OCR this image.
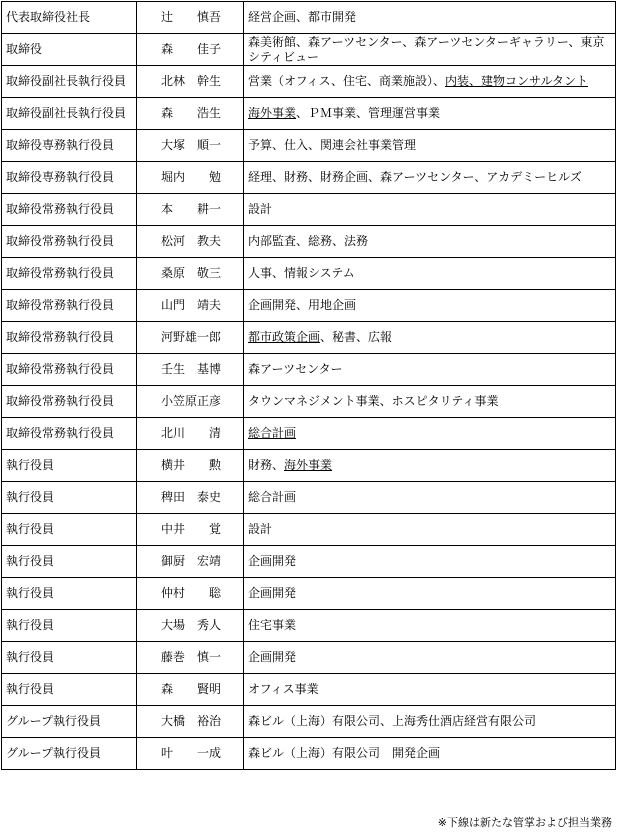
代表取締役社長	辻　　慎吾	経営企画、都市開発
取締役	森　　佳子	森美術館、森アーツセンター、森アーツセンターギャラリー、東京シティビュー
取締役副社長執行役員	北林　幹生	営業（オフィス、住宅、商業施設）、内装、建物コンサルタント
取締役副社長執行役員	森　　浩生	海外事業、ＰＭ事業、管理運営事業
取締役専務執行役員	大塚　順一	予算、仕入、関連会社事業管理
取締役専務執行役員	堀内　　勉	経理、財務、財務企画、森アーツセンター、アカデミーヒルズ
取締役常務執行役員	本　　耕一	設計
取締役常務執行役員	松河　教夫	内部監査、総務、法務
取締役常務執行役員	桑原　敬三	人事、情報システム
取締役常務執行役員	山門　靖夫	企画開発、用地企画
取締役常務執行役員	河野雄一郎	都市政策企画、秘書、広報
取締役常務執行役員	壬生　基博	森アーツセンター
取締役常務執行役員	小笠原正彦	タウンマネジメント事業、ホスピタリティ事業
取締役常務執行役員	北川　　清	総合計画
執行役員	横井　　勲	財務、海外事業
執行役員	稗田　泰史	総合計画
執行役員	中井　　覚	設計
執行役員	御厨　宏靖	企画開発
執行役員	仲村　　聡	企画開発
執行役員	大場　秀人	住宅事業
執行役員	藤巻　慎一	企画開発
執行役員	森　　賢明	オフィス事業
グループ執行役員	大橋　裕治	森ビル（上海）有限公司、上海秀仕酒店経営有限公司
グループ執行役員	叶　　一成	森ビル（上海）有限公司　開発企画
※下線は新たな管掌および担当業務
